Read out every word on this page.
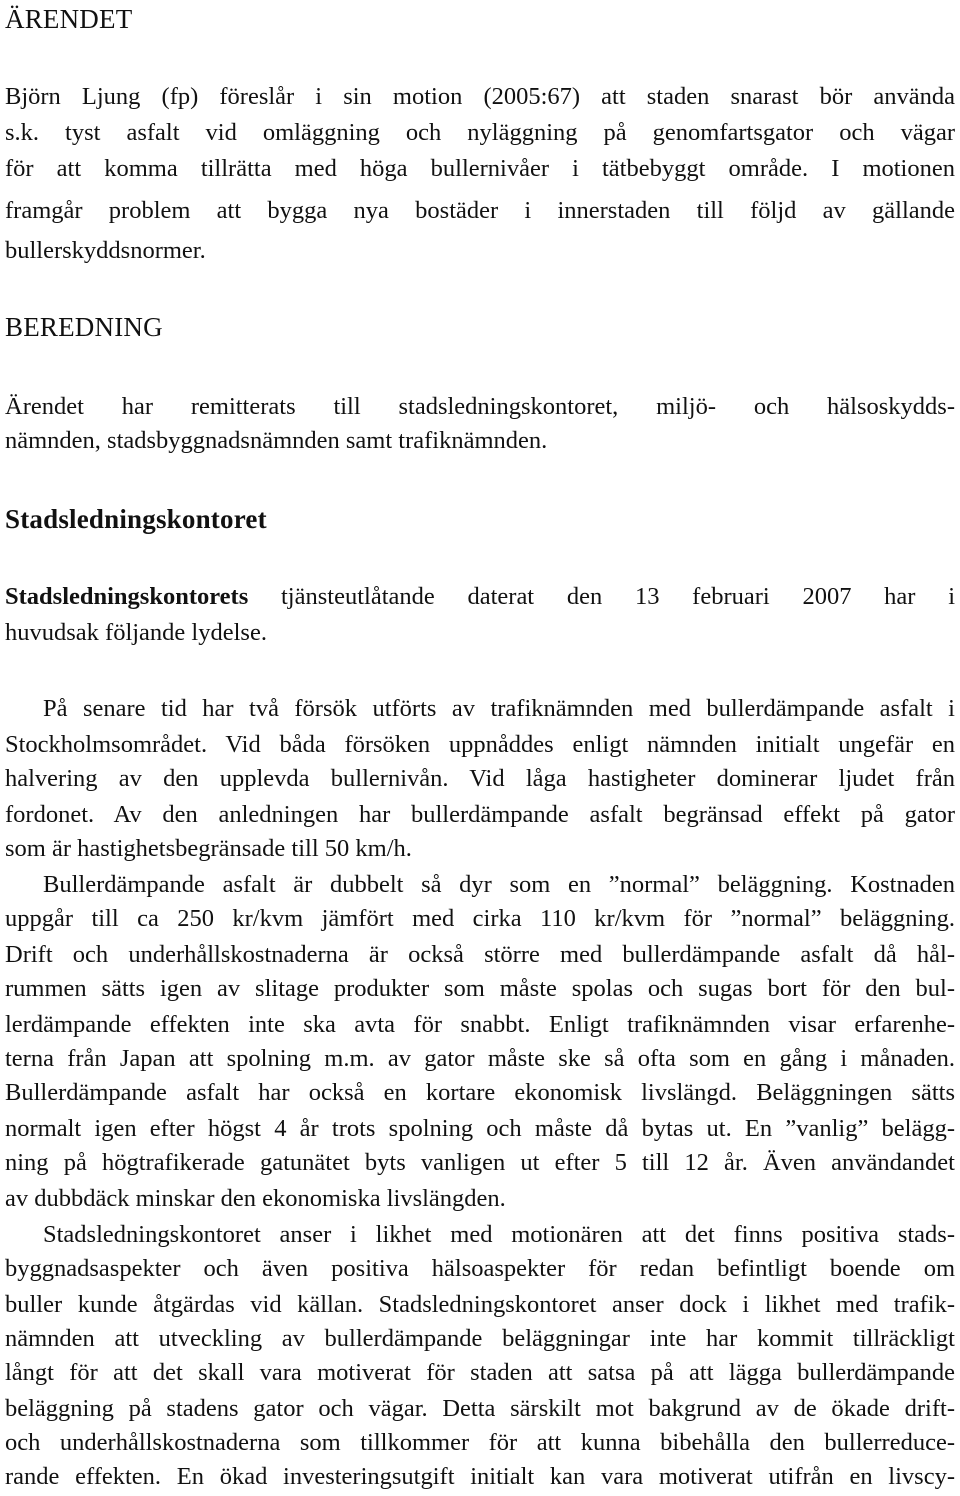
ÄRENDET

Björn Ljung (fp) föreslår i sin motion (2005:67) att staden snarast bör använda

s.k. tyst asfalt vid omläggning och nyläggning på genomfartsgator och vägar

för att komma tillrätta med höga bullernivåer i tätbebyggt område. I motionen

framgår problem att bygga nya bostäder i innerstaden till följd av gällande

bullerskyddsnormer.

BEREDNING

Ärendet har remitterats till stadsledningskontoret, miljö- och hälsoskydds-

nämnden, stadsbyggnadsnämnden samt trafiknämnden.

Stadsledningskontoret

Stadsledningskontorets tjänsteutlåtande daterat den 13 februari 2007 har i

huvudsak följande lydelse.

På senare tid har två försök utförts av trafiknämnden med bullerdämpande asfalt i

Stockholmsområdet. Vid båda försöken uppnåddes enligt nämnden initialt ungefär en

halvering av den upplevda bullernivån. Vid låga hastigheter dominerar ljudet från

fordonet. Av den anledningen har bullerdämpande asfalt begränsad effekt på gator

som är hastighetsbegränsade till 50 km/h.

Bullerdämpande asfalt är dubbelt så dyr som en ”normal” beläggning. Kostnaden

uppgår till ca 250 kr/kvm jämfört med cirka 110 kr/kvm för ”normal” beläggning.

Drift och underhållskostnaderna är också större med bullerdämpande asfalt då hål-

rummen sätts igen av slitage produkter som måste spolas och sugas bort för den bul-

lerdämpande effekten inte ska avta för snabbt. Enligt trafiknämnden visar erfarenhe-

terna från Japan att spolning m.m. av gator måste ske så ofta som en gång i månaden.

Bullerdämpande asfalt har också en kortare ekonomisk livslängd. Beläggningen sätts

normalt igen efter högst 4 år trots spolning och måste då bytas ut. En ”vanlig” belägg-

ning på högtrafikerade gatunätet byts vanligen ut efter 5 till 12 år. Även användandet

av dubbdäck minskar den ekonomiska livslängden.

Stadsledningskontoret anser i likhet med motionären att det finns positiva stads-

byggnadsaspekter och även positiva hälsoaspekter för redan befintligt boende om

buller kunde åtgärdas vid källan. Stadsledningskontoret anser dock i likhet med trafik-

nämnden att utveckling av bullerdämpande beläggningar inte har kommit tillräckligt

långt för att det skall vara motiverat för staden att satsa på att lägga bullerdämpande

beläggning på stadens gator och vägar. Detta särskilt mot bakgrund av de ökade drift-

och underhållskostnaderna som tillkommer för att kunna bibehålla den bullerreduce-

rande effekten. En ökad investeringsutgift initialt kan vara motiverat utifrån en livscy-
